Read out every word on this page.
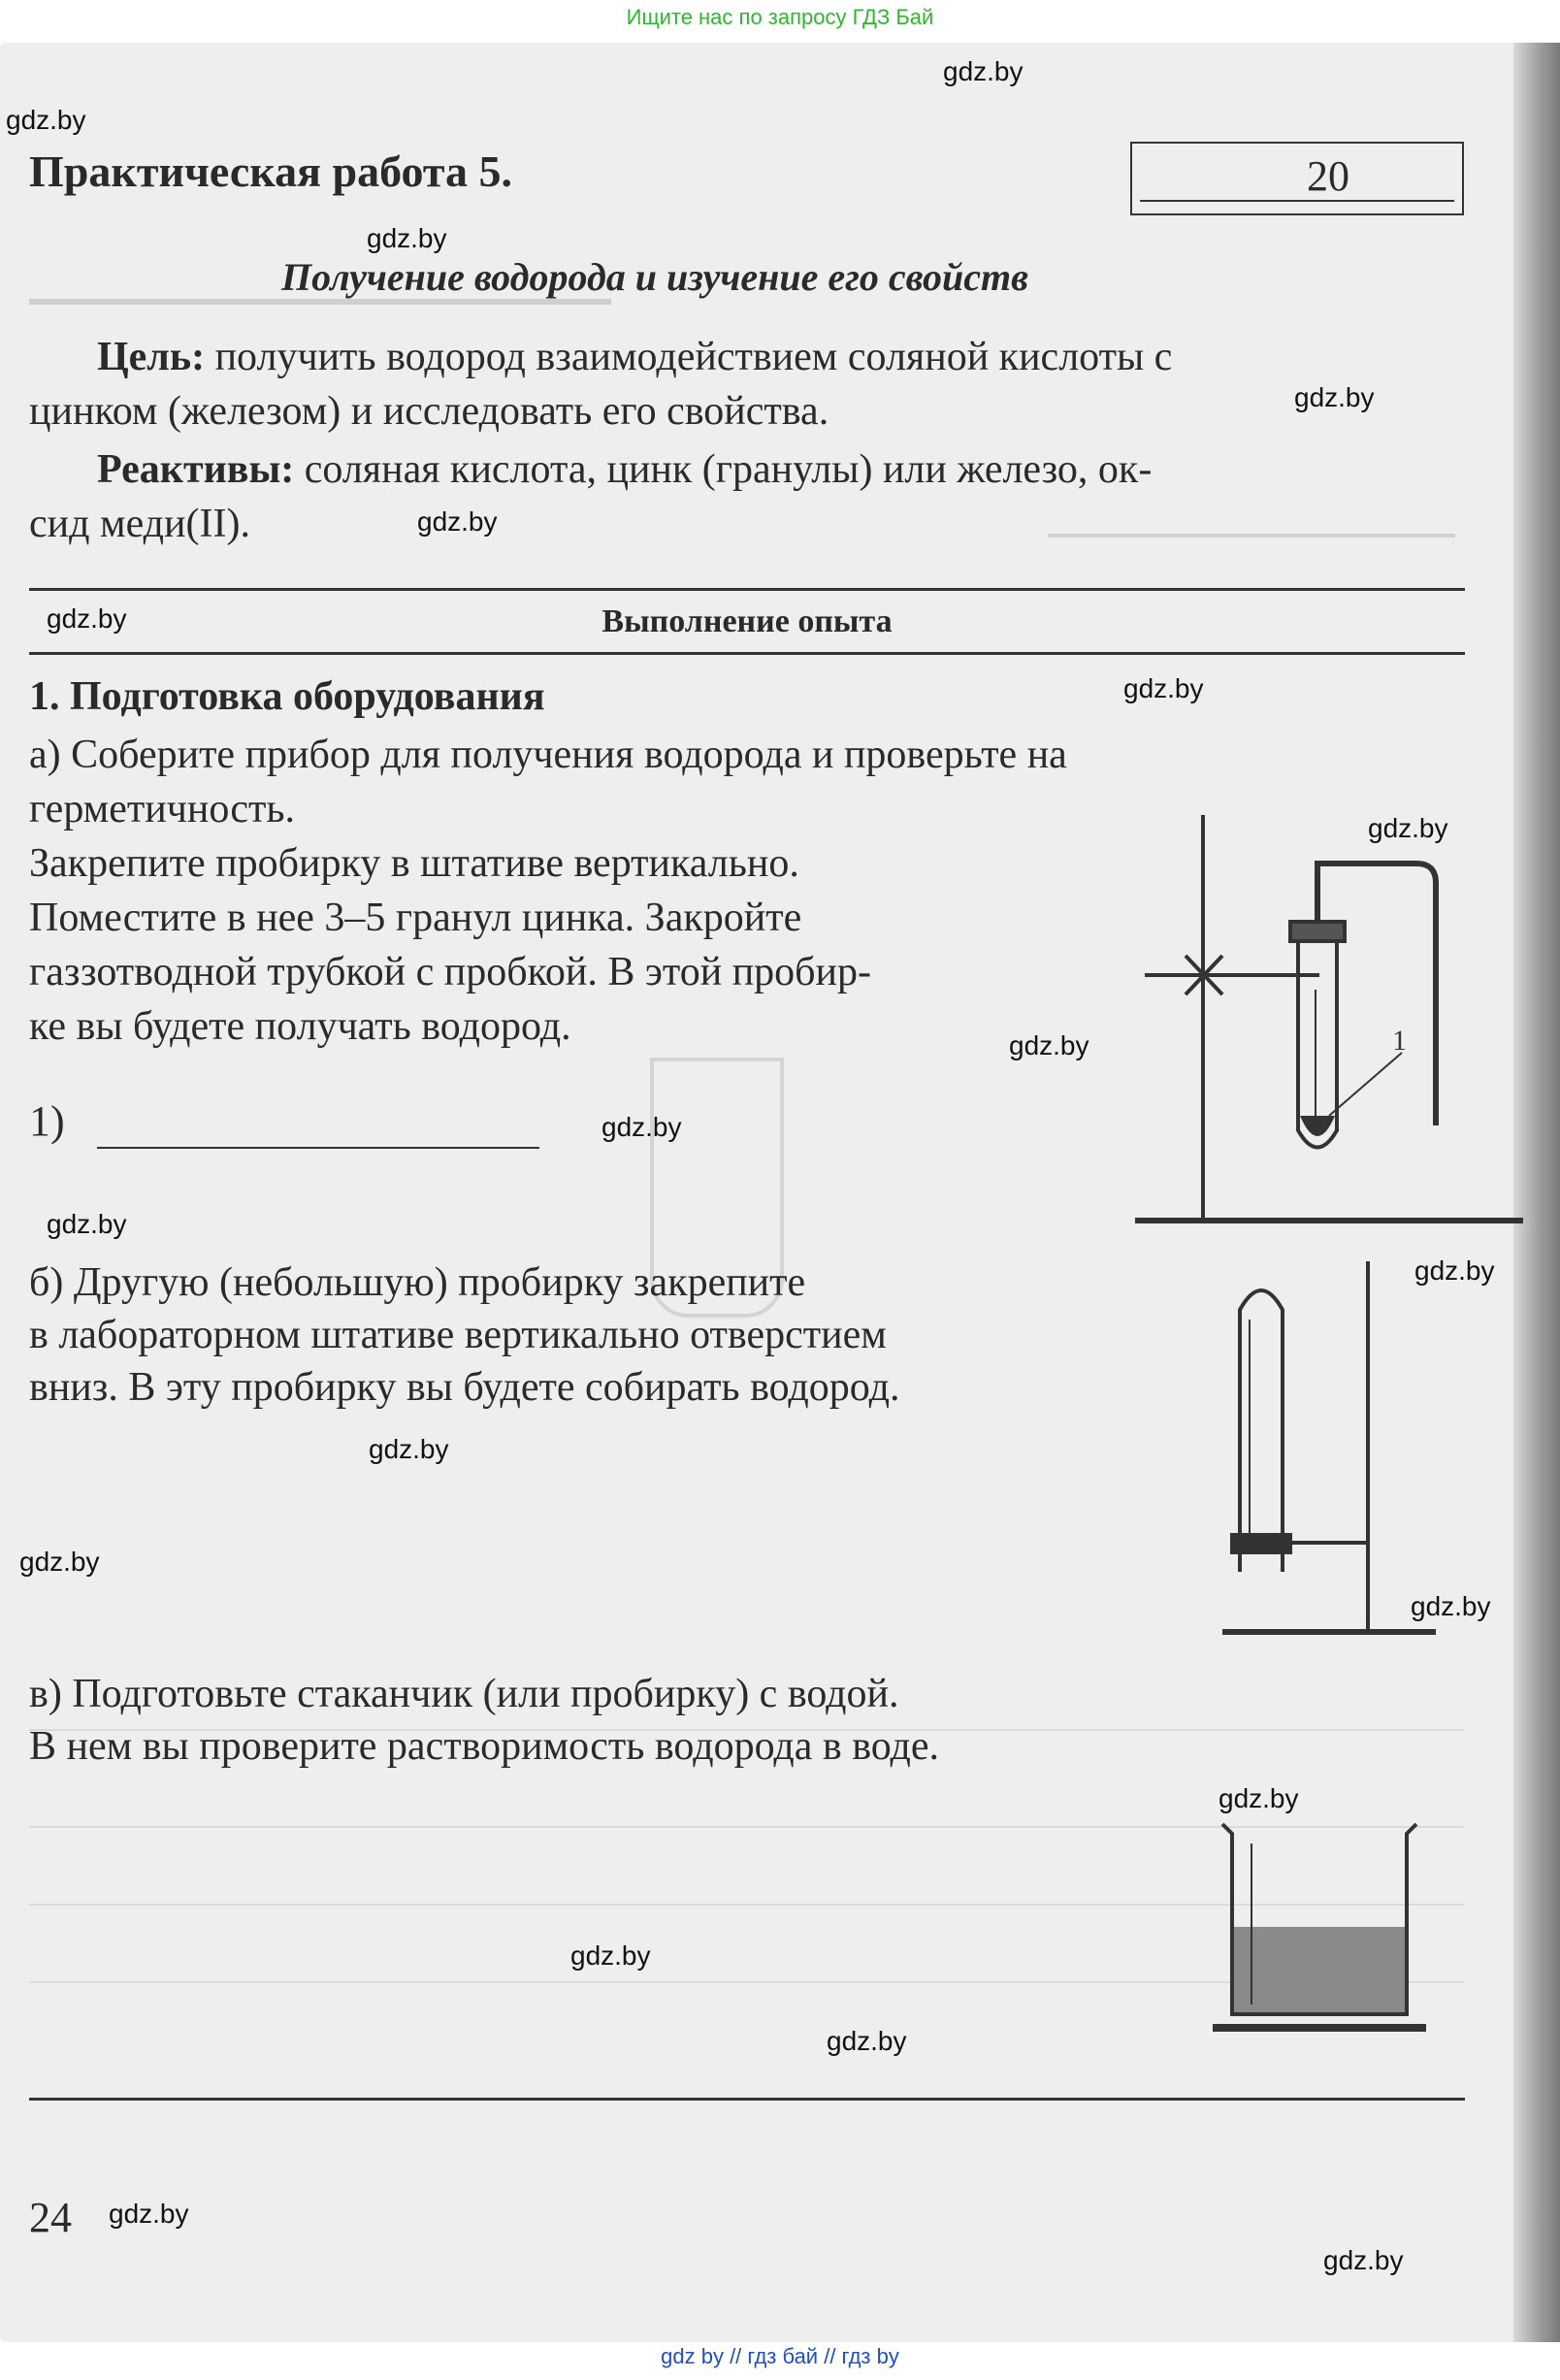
Ищите нас по запросу ГДЗ Бай
Практическая работа 5.	20
Получение водорода и изучение его свойств
Цель: получить водород взаимодействием соляной кислоты с
цинком (железом) и исследовать его свойства.
Реактивы: соляная кислота, цинк (гранулы) или железо, ок-
сид меди(II).
Выполнение опыта
1. Подготовка оборудования
а) Соберите прибор для получения водорода и проверьте на
герметичность.
Закрепите пробирку в штативе вертикально.
Поместите в нее 3–5 гранул цинка. Закройте
газзотводной трубкой с пробкой. В этой пробир-
ке вы будете получать водород.
1)
1
б) Другую (небольшую) пробирку закрепите
в лабораторном штативе вертикально отверстием
вниз. В эту пробирку вы будете собирать водород.
в) Подготовьте стаканчик (или пробирку) с водой.
В нем вы проверите растворимость водорода в воде.
24
gdz.by
gdz.by
gdz.by
gdz.by
gdz.by
gdz.by
gdz.by
gdz.by
gdz.by
gdz.by
gdz.by
gdz.by
gdz.by
gdz.by
gdz.by
gdz.by
gdz.by
gdz.by
gdz.by
gdz.by
gdz by // гдз бай // гдз by
